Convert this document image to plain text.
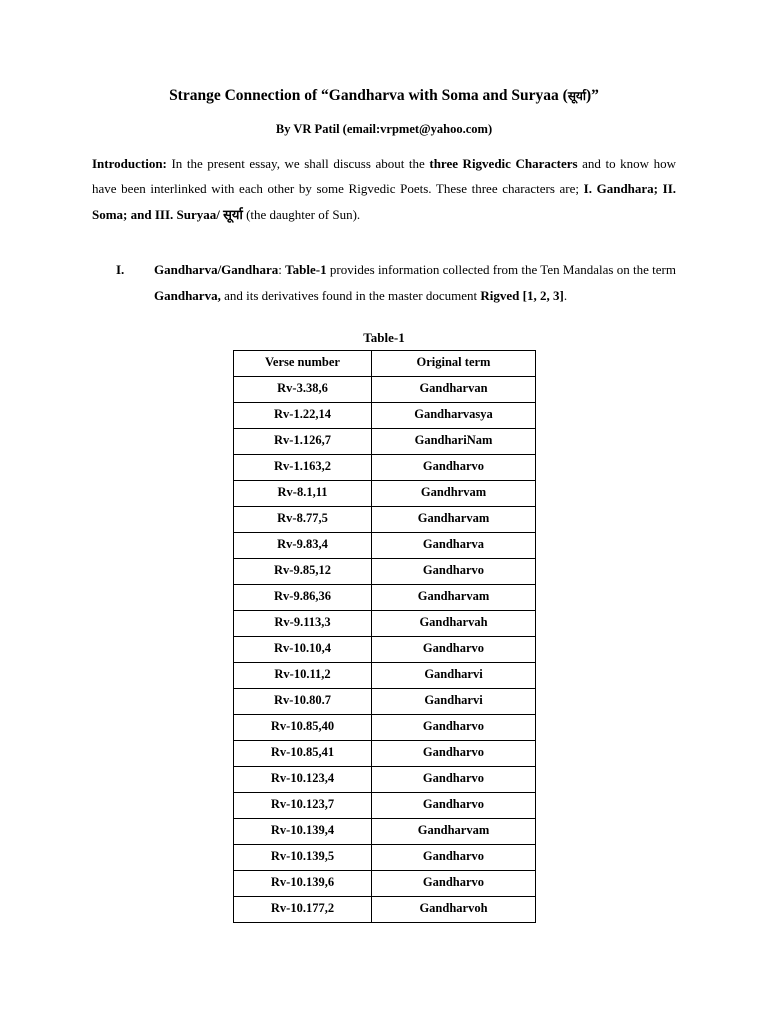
Strange Connection of “Gandharva with Soma and Suryaa (सूर्या)”
By VR Patil (email:vrpmet@yahoo.com)

Introduction: In the present essay, we shall discuss about the three Rigvedic Characters and to know how have been interlinked with each other by some Rigvedic Poets. These three characters are; I. Gandhara; II. Soma; and III. Suryaa/ सूर्या (the daughter of Sun).

I.	Gandharva/Gandhara: Table-1 provides information collected from the Ten Mandalas on the term Gandharva, and its derivatives found in the master document Rigved [1, 2, 3].
Table-1
Verse number	Original term
Rv-3.38,6	Gandharvan
Rv-1.22,14	Gandharvasya
Rv-1.126,7	GandhariNam
Rv-1.163,2	Gandharvo
Rv-8.1,11	Gandhrvam
Rv-8.77,5	Gandharvam
Rv-9.83,4	Gandharva
Rv-9.85,12	Gandharvo
Rv-9.86,36	Gandharvam
Rv-9.113,3	Gandharvah
Rv-10.10,4	Gandharvo
Rv-10.11,2	Gandharvi
Rv-10.80.7	Gandharvi
Rv-10.85,40	Gandharvo
Rv-10.85,41	Gandharvo
Rv-10.123,4	Gandharvo
Rv-10.123,7	Gandharvo
Rv-10.139,4	Gandharvam
Rv-10.139,5	Gandharvo
Rv-10.139,6	Gandharvo
Rv-10.177,2	Gandharvoh
